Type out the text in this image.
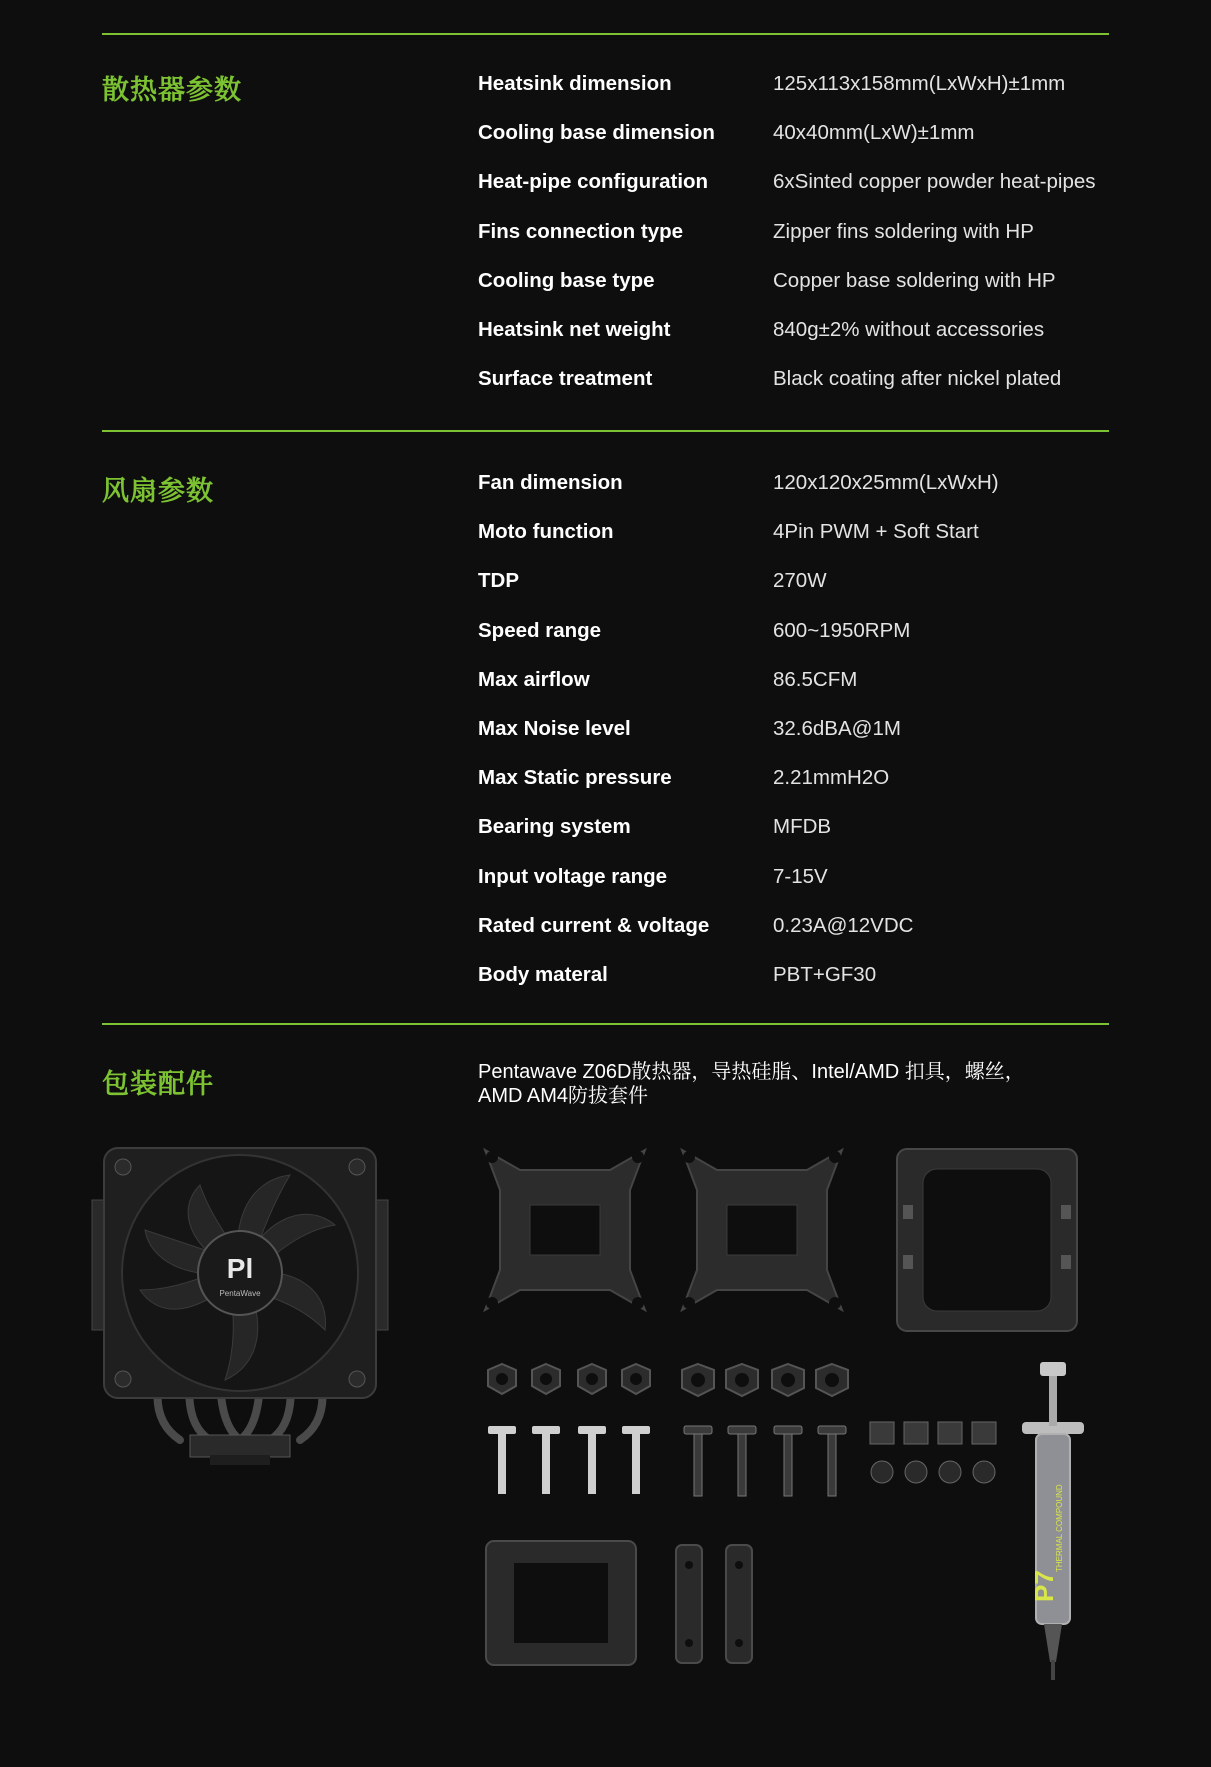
散热器参数	Heatsink dimension	125x113x158mm(LxWxH)±1mm
Cooling base dimension	40x40mm(LxW)±1mm
Heat-pipe configuration	6xSinted copper powder heat-pipes
Fins connection type	Zipper fins soldering with HP
Cooling base type	Copper base soldering with HP
Heatsink net weight	840g±2% without accessories
Surface treatment	Black coating after nickel plated
风扇参数	Fan dimension	120x120x25mm(LxWxH)
Moto function	4Pin PWM + Soft Start
TDP	270W
Speed range	600~1950RPM
Max airflow	86.5CFM
Max Noise level	32.6dBA@1M
Max Static pressure	2.21mmH2O
Bearing system	MFDB
Input voltage range	7-15V
Rated current & voltage	0.23A@12VDC
Body materal	PBT+GF30
包装配件	Pentawave Z06D散热器，导热硅脂、Intel/AMD 扣具，螺丝，
AMD AM4防拔套件
Pl
PentaWave
P7
THERMAL COMPOUND
